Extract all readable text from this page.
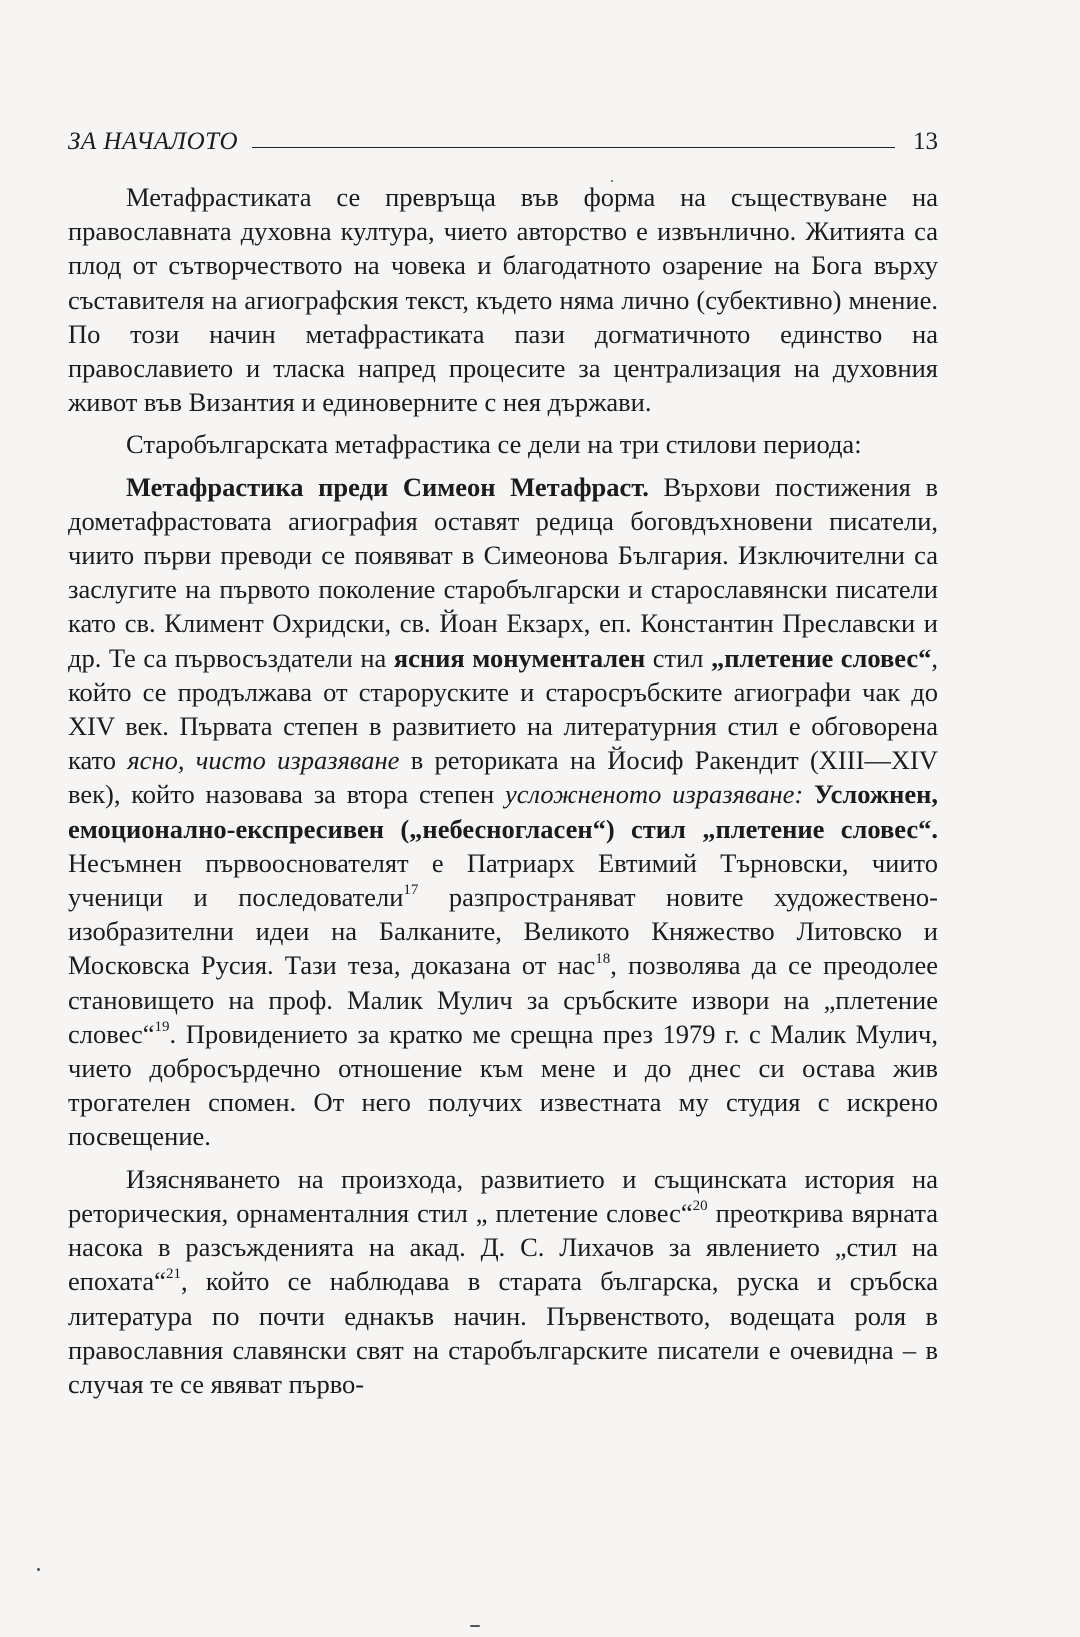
ЗА НАЧАЛОТО	13

Метафрастиката се превръща във форма на съществуване на православната духовна култура, чието авторство е извънлично. Житията са плод от сътворчеството на човека и благодатното озарение на Бога върху съставителя на агиографския текст, където няма лично (субективно) мнение. По този начин метафрастиката пази догматичното единство на православието и тласка напред процесите за централизация на духовния живот във Византия и единоверните с нея държави.

Старобългарската метафрастика се дели на три стилови периода:

Метафрастика преди Симеон Метафраст. Върхови постижения в дометафрастовата агиография оставят редица боговдъхновени писатели, чиито първи преводи се появяват в Симеонова България. Изключителни са заслугите на първото поколение старобългарски и старославянски писатели като св. Климент Охридски, св. Йоан Екзарх, еп. Константин Преславски и др. Те са първосъздатели на ясния монументален стил „плетение словес“, който се продължава от староруските и старосръбските агиографи чак до XIV век. Първата степен в развитието на литературния стил е обговорена като ясно, чисто изразяване в реториката на Йосиф Ракендит (XIII—XIV век), който назовава за втора степен усложненото изразяване: Усложнен, емоционално-експресивен („небесногласен“) стил „плетение словес“. Несъмнен първооснователят е Патриарх Евтимий Търновски, чиито ученици и последователи$^{17}$ разпространяват новите художествено-изобразителни идеи на Балканите, Великото Княжество Литовско и Московска Русия. Тази теза, доказана от нас$^{18}$, позволява да се преодолее становището на проф. Малик Мулич за сръбските извори на „плетение словес“$^{19}$. Провидението за кратко ме срещна през 1979 г. с Малик Мулич, чието добросърдечно отношение към мене и до днес си остава жив трогателен спомен. От него получих известната му студия с искрено посвещение.

Изясняването на произхода, развитието и същинската история на реторическия, орнаменталния стил „ плетение словес“$^{20}$ преоткрива вярната насока в разсъжденията на акад. Д. С. Лихачов за явлението „стил на епохата“$^{21}$, който се наблюдава в старата българска, руска и сръбска литература по почти еднакъв начин. Първенството, водещата роля в православния славянски свят на старобългарските писатели е очевидна – в случая те се явяват първо-
